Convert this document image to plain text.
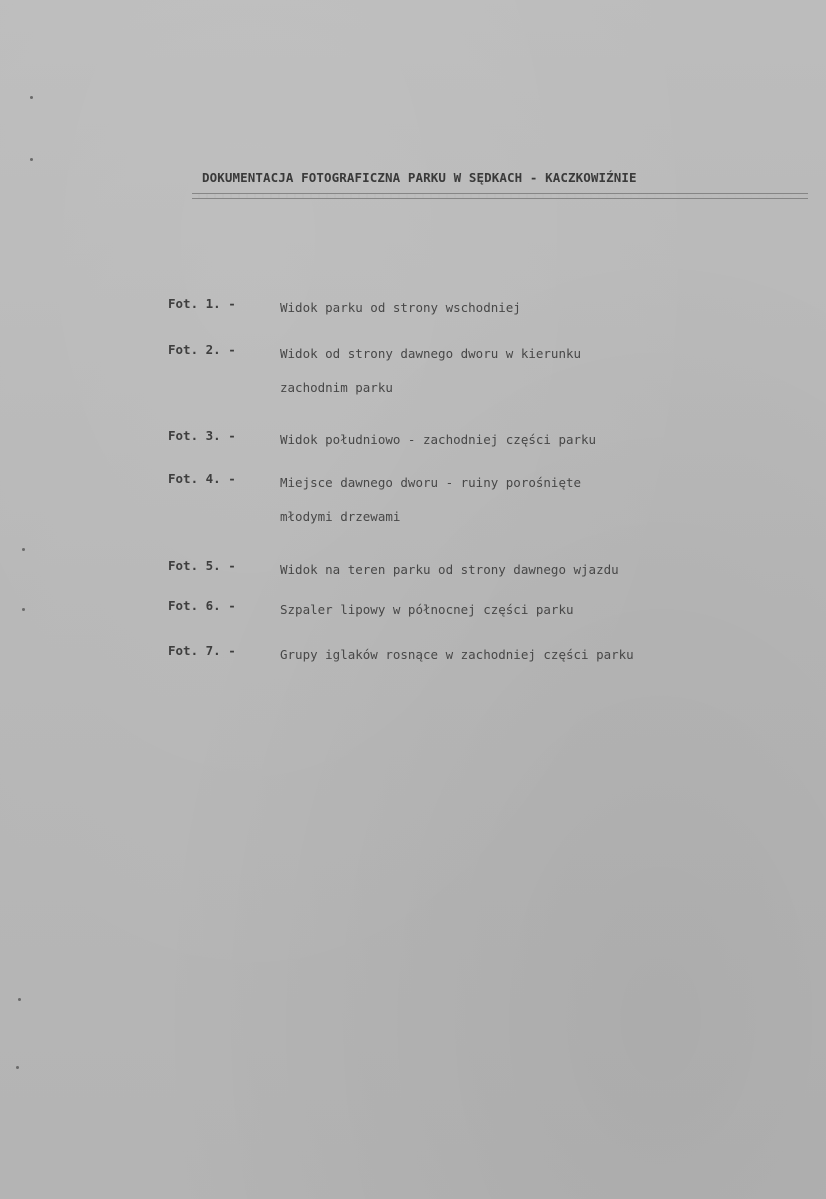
DOKUMENTACJA FOTOGRAFICZNA PARKU W SĘDKACH - KACZKOWIŹNIE
Fot. 1. -	Widok parku od strony wschodniej
Fot. 2. -	Widok od strony dawnego dworu w kierunku
zachodnim parku
Fot. 3. -	Widok południowo - zachodniej części parku
Fot. 4. -	Miejsce dawnego dworu - ruiny porośnięte
młodymi drzewami
Fot. 5. -	Widok na teren parku od strony dawnego wjazdu
Fot. 6. -	Szpaler lipowy w północnej części parku
Fot. 7. -	Grupy iglaków rosnące w zachodniej części parku
